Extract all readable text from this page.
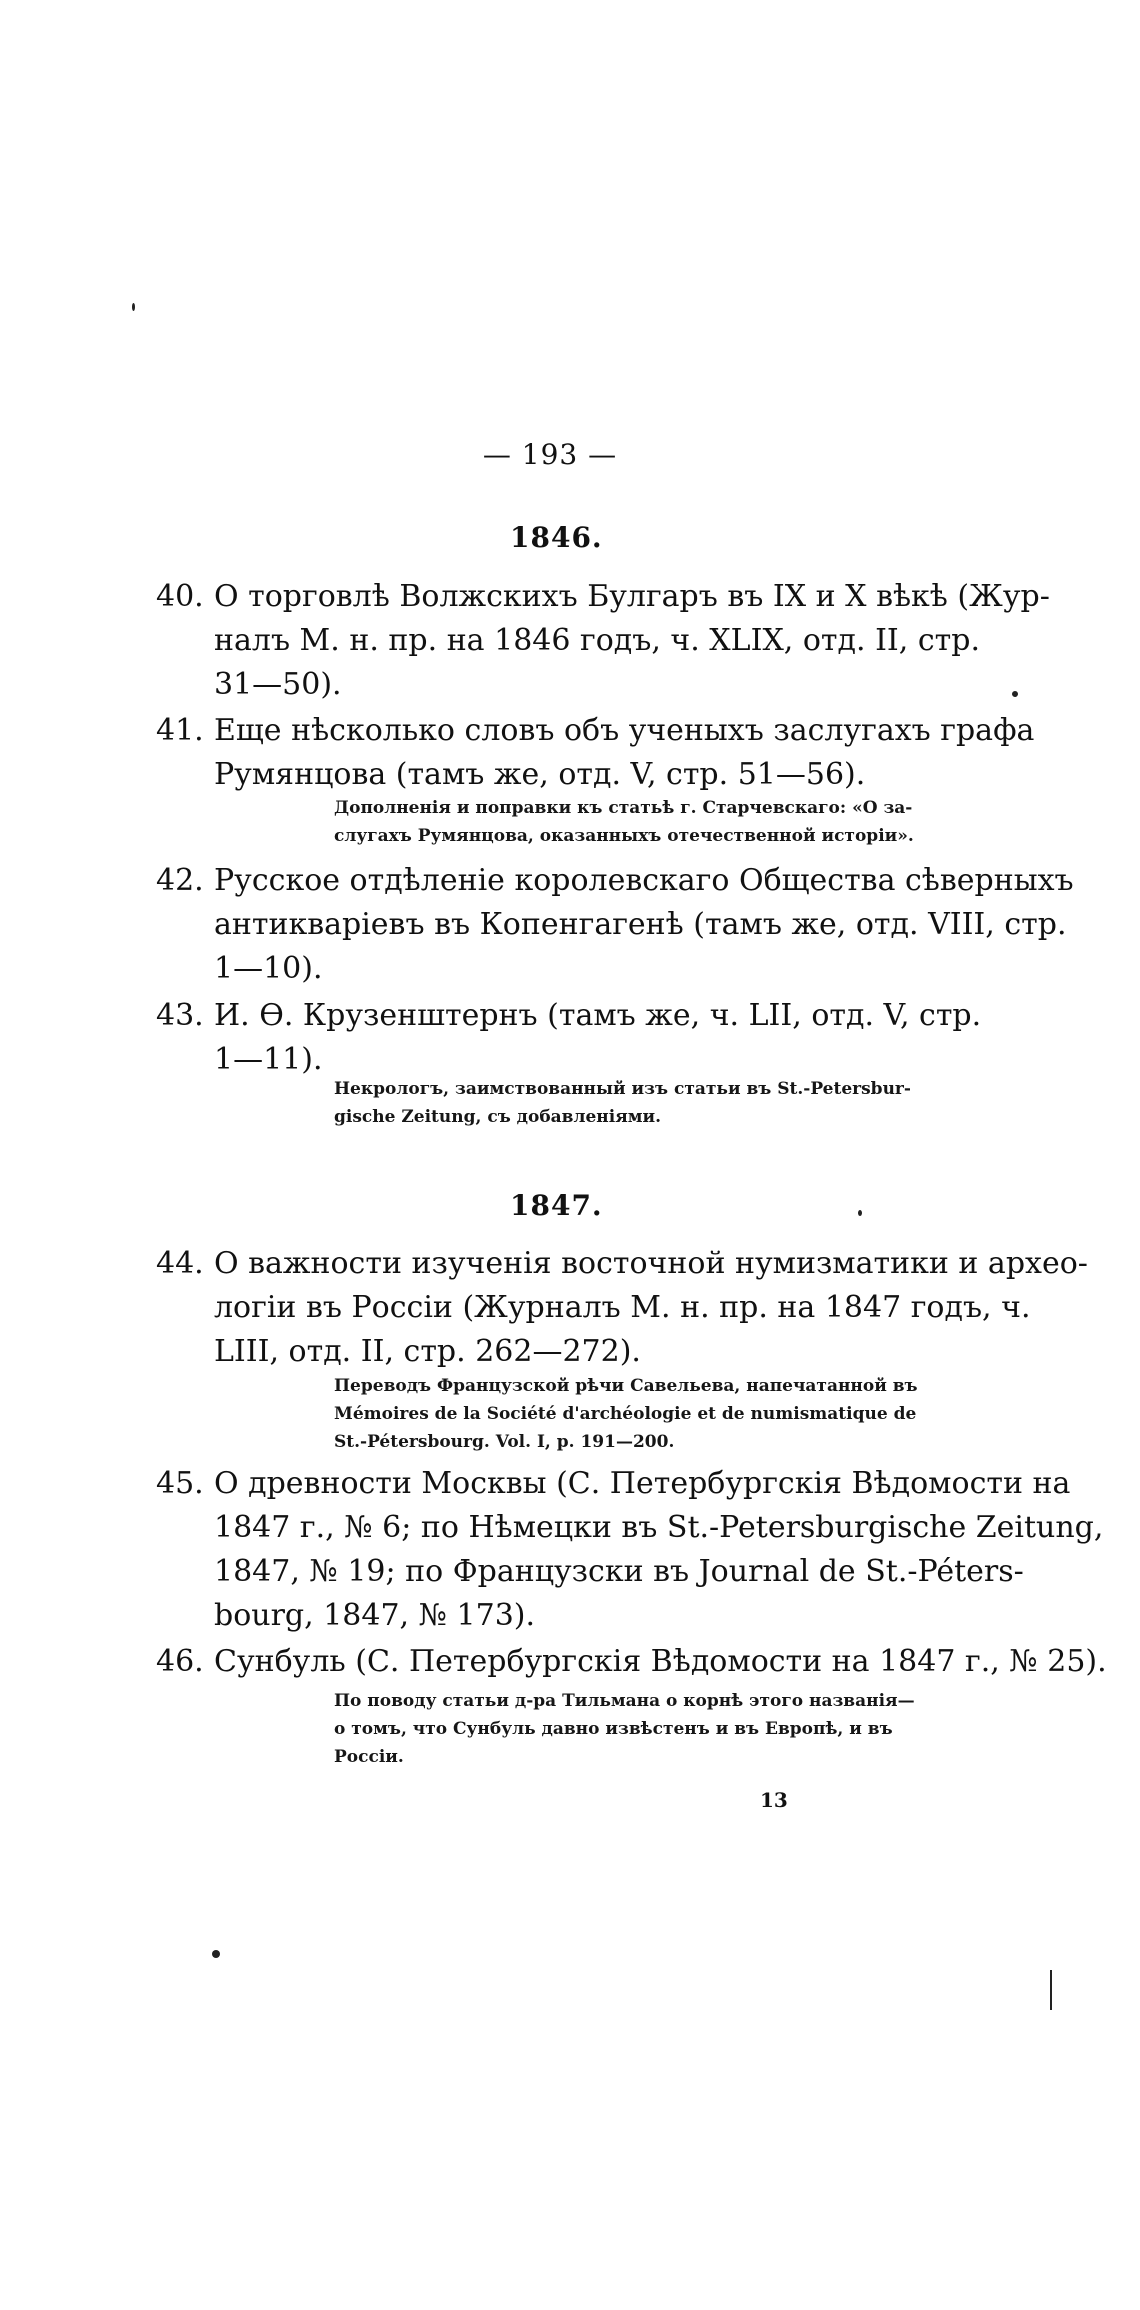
— 193 —
1846.
40. О торговлѣ Волжскихъ Булгаръ въ IX и X вѣкѣ (Жур-
налъ М. н. пр. на 1846 годъ, ч. XLIX, отд. II, стр.
31—50).
41. Еще нѣсколько словъ объ ученыхъ заслугахъ графа
Румянцова (тамъ же, отд. V, стр. 51—56).
Дополненія и поправки къ статьѣ г. Старчевскаго: «О за-
слугахъ Румянцова, оказанныхъ отечественной исторіи».
42. Русское отдѣленіе королевскаго Общества сѣверныхъ
антикваріевъ въ Копенгагенѣ (тамъ же, отд. VIII, стр.
1—10).
43. И. Ѳ. Крузенштернъ (тамъ же, ч. LII, отд. V, стр.
1—11).
Некрологъ, заимствованный изъ статьи въ St.-Petersbur-
gische Zeitung, съ добавленіями.
1847.
44. О важности изученія восточной нумизматики и архео-
логіи въ Россіи (Журналъ М. н. пр. на 1847 годъ, ч.
LIII, отд. II, стр. 262—272).
Переводъ Французской рѣчи Савельева, напечатанной въ
Mémoires de la Société d'archéologie et de numismatique de
St.-Pétersbourg. Vol. I, p. 191—200.
45. О древности Москвы (С. Петербургскія Вѣдомости на
1847 г., № 6; по Нѣмецки въ St.-Petersburgische Zeitung,
1847, № 19; по Французски въ Journal de St.-Péters-
bourg, 1847, № 173).
46. Сунбуль (С. Петербургскія Вѣдомости на 1847 г., № 25).
По поводу статьи д-ра Тильмана о корнѣ этого названія—
о томъ, что Сунбуль давно извѣстенъ и въ Европѣ, и въ
Россіи.
13
